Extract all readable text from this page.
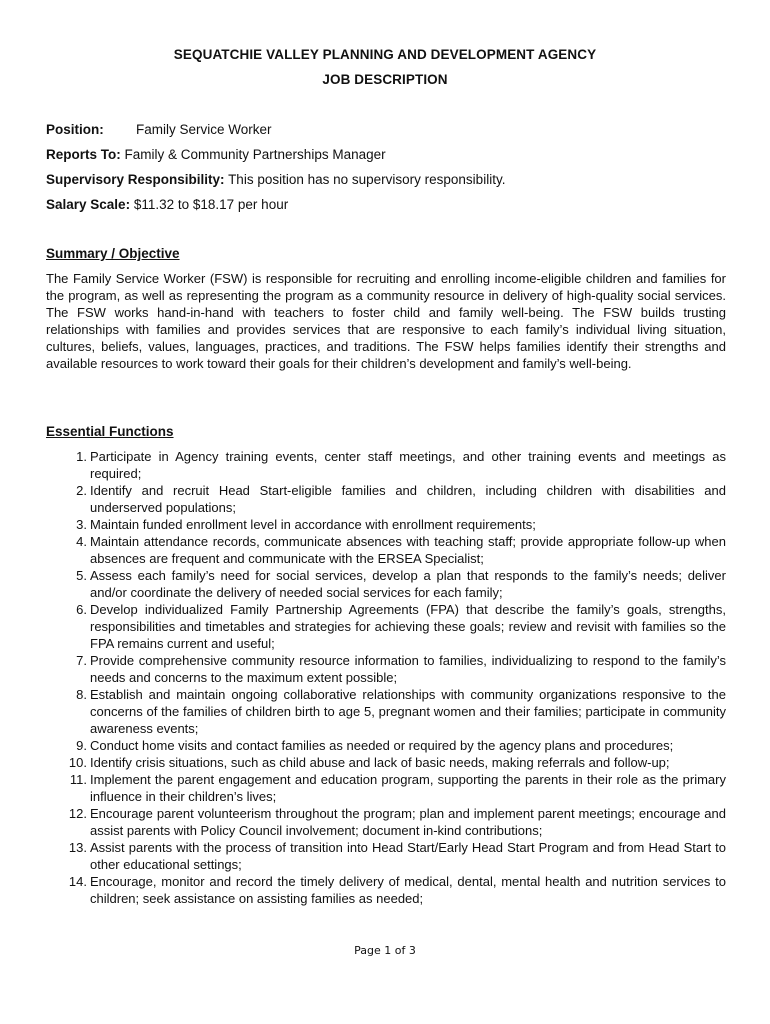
SEQUATCHIE VALLEY PLANNING AND DEVELOPMENT AGENCY
JOB DESCRIPTION
Position: Family Service Worker
Reports To: Family & Community Partnerships Manager
Supervisory Responsibility: This position has no supervisory responsibility.
Salary Scale: $11.32 to $18.17 per hour
Summary / Objective

The Family Service Worker (FSW) is responsible for recruiting and enrolling income-eligible children and families for the program, as well as representing the program as a community resource in delivery of high-quality social services. The FSW works hand-in-hand with teachers to foster child and family well-being. The FSW builds trusting relationships with families and provides services that are responsive to each family’s individual living situation, cultures, beliefs, values, languages, practices, and traditions. The FSW helps families identify their strengths and available resources to work toward their goals for their children’s development and family’s well-being.

Essential Functions
1. Participate in Agency training events, center staff meetings, and other training events and meetings as required;
2. Identify and recruit Head Start-eligible families and children, including children with disabilities and underserved populations;
3. Maintain funded enrollment level in accordance with enrollment requirements;
4. Maintain attendance records, communicate absences with teaching staff; provide appropriate follow-up when absences are frequent and communicate with the ERSEA Specialist;
5. Assess each family’s need for social services, develop a plan that responds to the family’s needs; deliver and/or coordinate the delivery of needed social services for each family;
6. Develop individualized Family Partnership Agreements (FPA) that describe the family’s goals, strengths, responsibilities and timetables and strategies for achieving these goals; review and revisit with families so the FPA remains current and useful;
7. Provide comprehensive community resource information to families, individualizing to respond to the family’s needs and concerns to the maximum extent possible;
8. Establish and maintain ongoing collaborative relationships with community organizations responsive to the concerns of the families of children birth to age 5, pregnant women and their families; participate in community awareness events;
9. Conduct home visits and contact families as needed or required by the agency plans and procedures;
10. Identify crisis situations, such as child abuse and lack of basic needs, making referrals and follow-up;
11. Implement the parent engagement and education program, supporting the parents in their role as the primary influence in their children’s lives;
12. Encourage parent volunteerism throughout the program; plan and implement parent meetings; encourage and assist parents with Policy Council involvement; document in-kind contributions;
13. Assist parents with the process of transition into Head Start/Early Head Start Program and from Head Start to other educational settings;
14. Encourage, monitor and record the timely delivery of medical, dental, mental health and nutrition services to children; seek assistance on assisting families as needed;
Page 1 of 3
